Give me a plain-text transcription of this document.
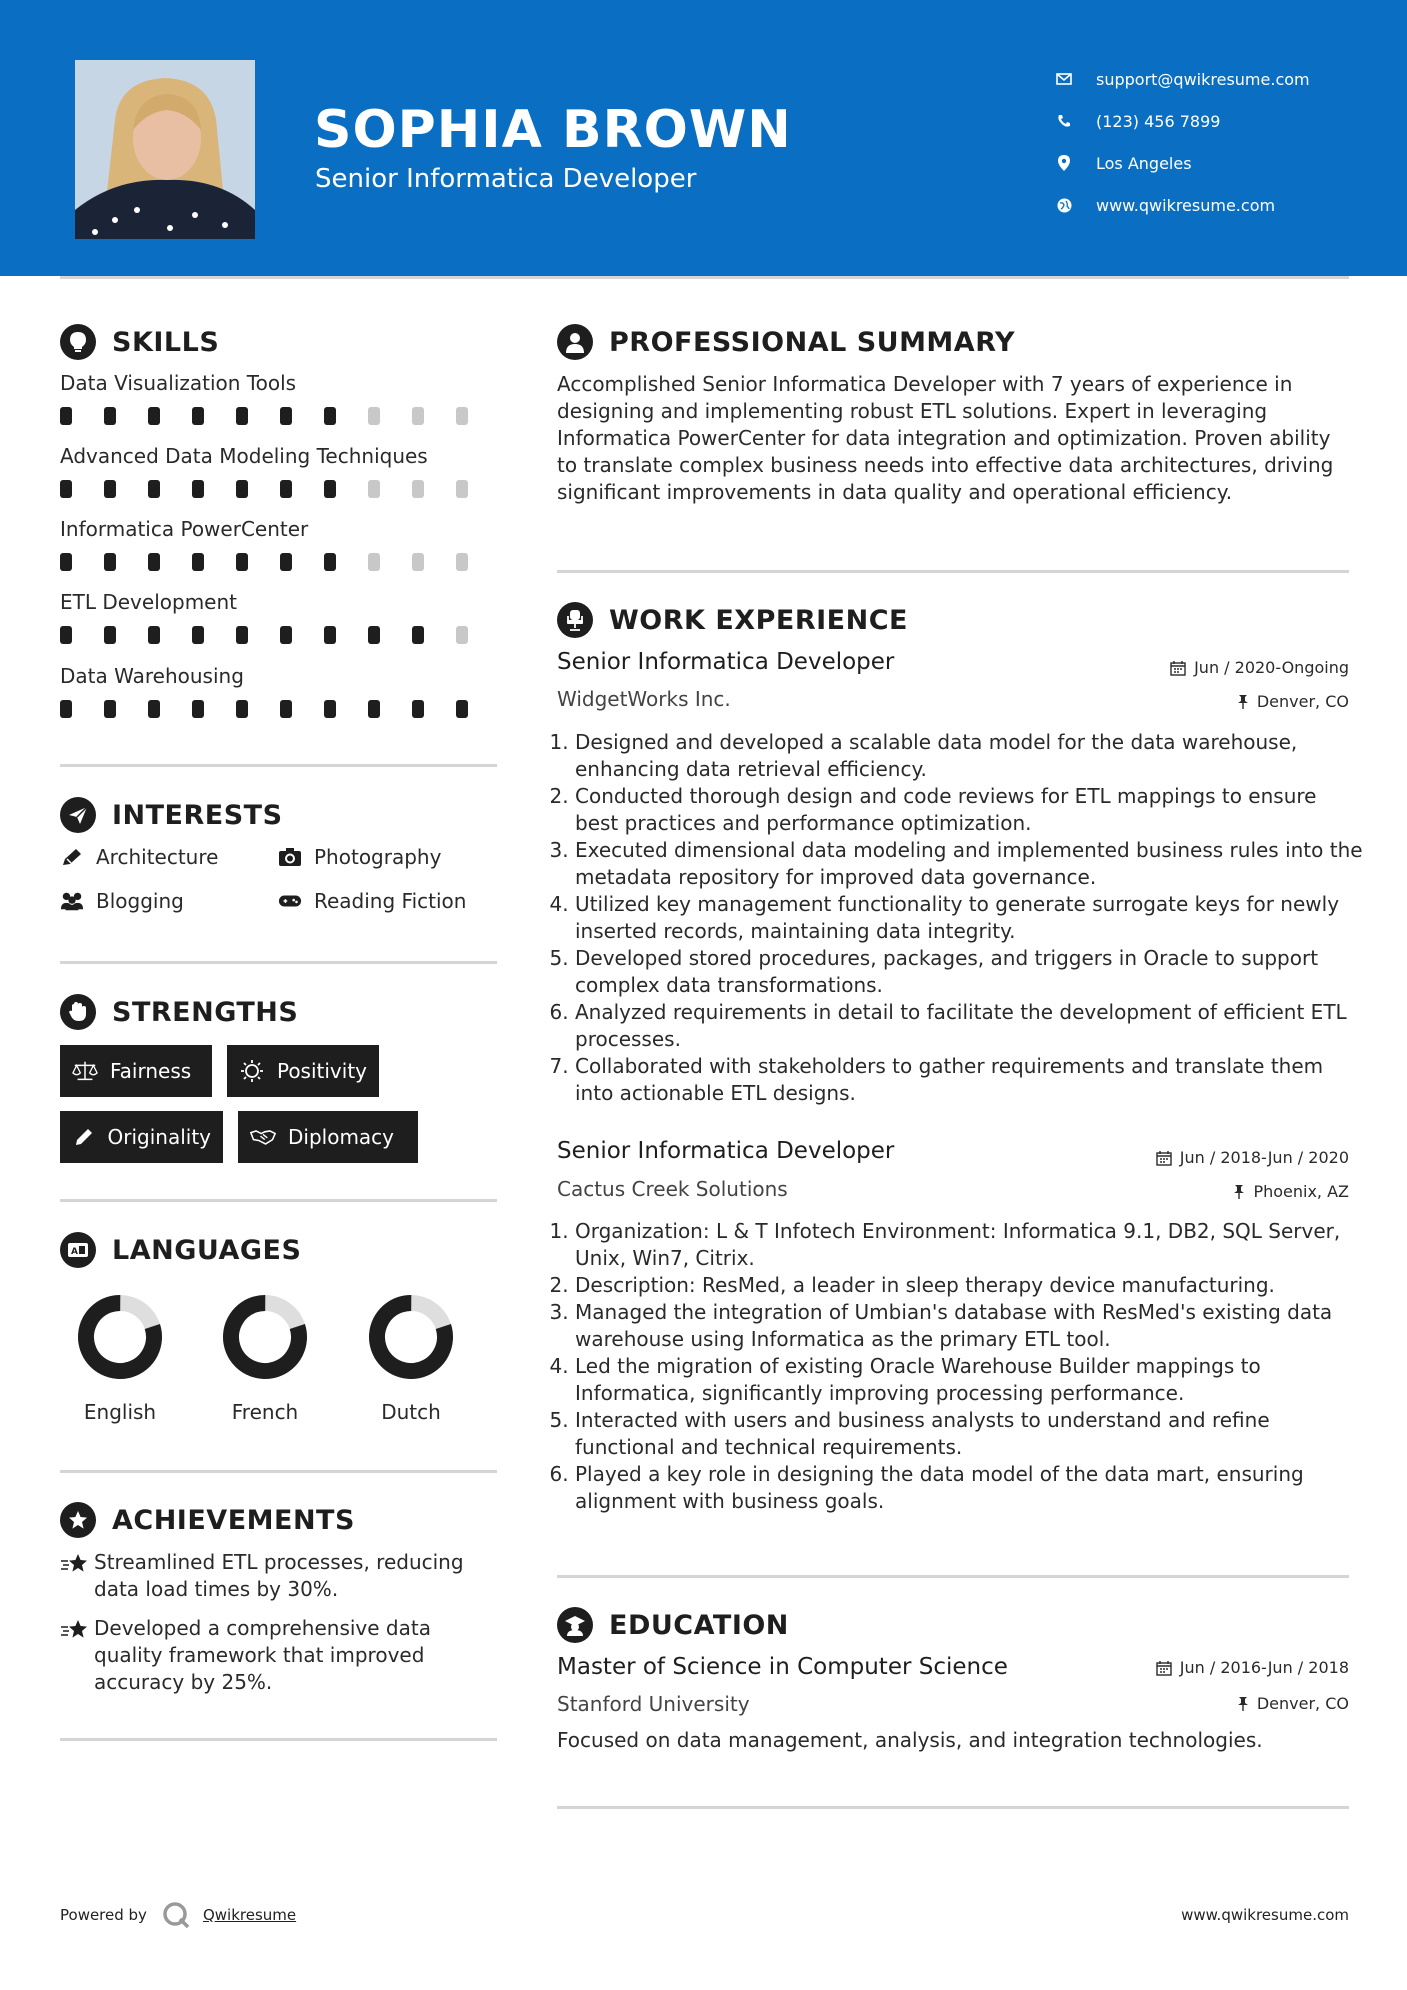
SOPHIA BROWN
Senior Informatica Developer
support@qwikresume.com
(123) 456 7899
Los Angeles
www.qwikresume.com
SKILLS
Data Visualization Tools
Advanced Data Modeling Techniques
Informatica PowerCenter
ETL Development
Data Warehousing
INTERESTS
Architecture	Photography
Blogging	Reading Fiction
STRENGTHS
Fairness	Positivity
Originality	Diplomacy
A LANGUAGES
English	French	Dutch
ACHIEVEMENTS
Streamlined ETL processes, reducing data load times by 30%.
Developed a comprehensive data quality framework that improved accuracy by 25%.
PROFESSIONAL SUMMARY
Accomplished Senior Informatica Developer with 7 years of experience in designing and implementing robust ETL solutions. Expert in leveraging Informatica PowerCenter for data integration and optimization. Proven ability to translate complex business needs into effective data architectures, driving significant improvements in data quality and operational efficiency.
WORK EXPERIENCE
Senior Informatica Developer	Jun / 2020-Ongoing
WidgetWorks Inc.	Denver, CO
1. Designed and developed a scalable data model for the data warehouse, enhancing data retrieval efficiency.
2. Conducted thorough design and code reviews for ETL mappings to ensure best practices and performance optimization.
3. Executed dimensional data modeling and implemented business rules into the metadata repository for improved data governance.
4. Utilized key management functionality to generate surrogate keys for newly inserted records, maintaining data integrity.
5. Developed stored procedures, packages, and triggers in Oracle to support complex data transformations.
6. Analyzed requirements in detail to facilitate the development of efficient ETL processes.
7. Collaborated with stakeholders to gather requirements and translate them into actionable ETL designs.
Senior Informatica Developer	Jun / 2018-Jun / 2020
Cactus Creek Solutions	Phoenix, AZ
1. Organization: L & T Infotech Environment: Informatica 9.1, DB2, SQL Server, Unix, Win7, Citrix.
2. Description: ResMed, a leader in sleep therapy device manufacturing.
3. Managed the integration of Umbian's database with ResMed's existing data warehouse using Informatica as the primary ETL tool.
4. Led the migration of existing Oracle Warehouse Builder mappings to Informatica, significantly improving processing performance.
5. Interacted with users and business analysts to understand and refine functional and technical requirements.
6. Played a key role in designing the data model of the data mart, ensuring alignment with business goals.
EDUCATION
Master of Science in Computer Science	Jun / 2016-Jun / 2018
Stanford University	Denver, CO
Focused on data management, analysis, and integration technologies.
Powered by	Qwikresume	www.qwikresume.com
